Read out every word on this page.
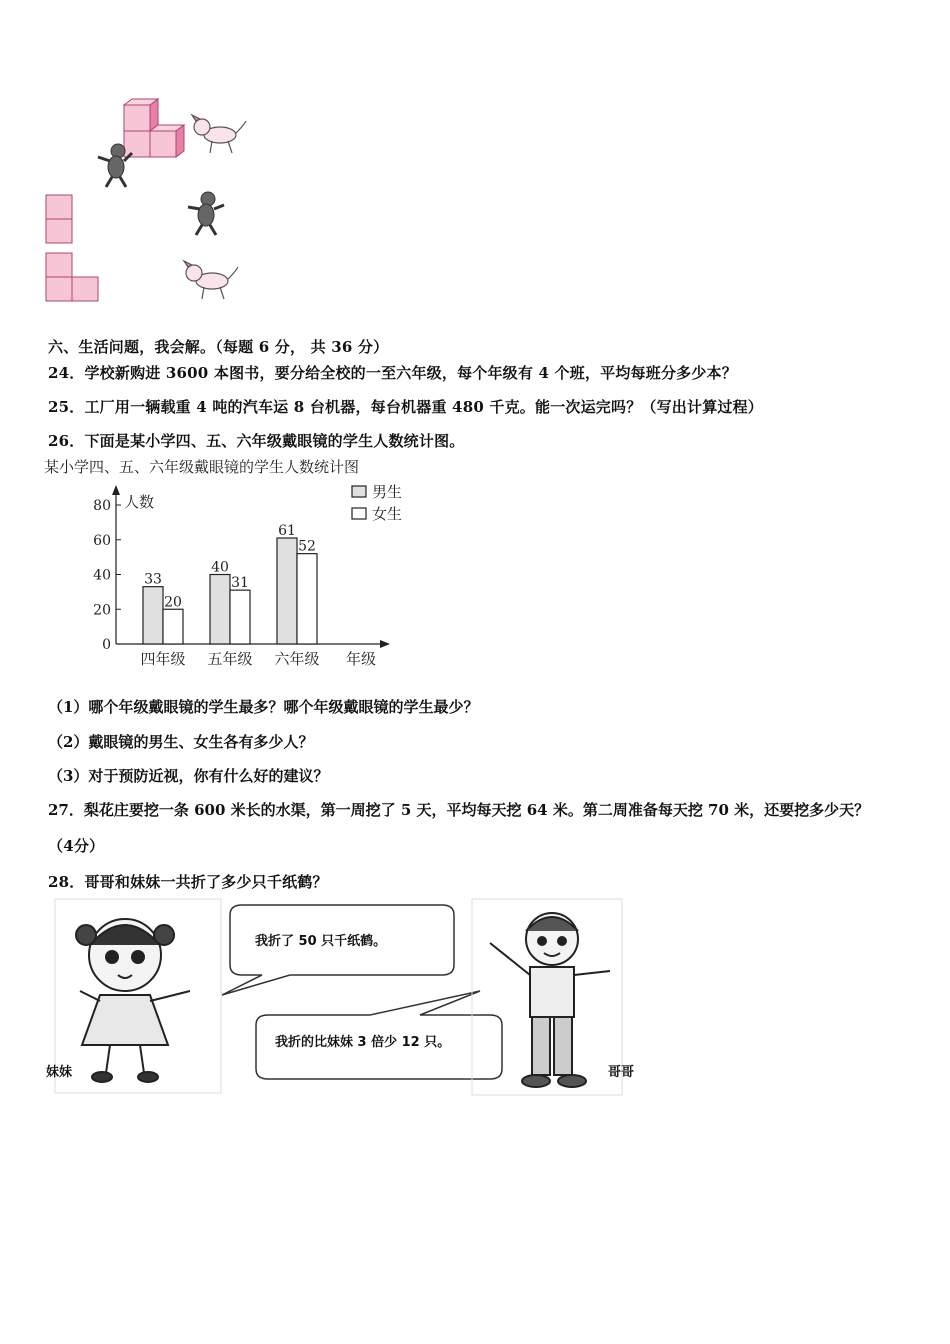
六、生活问题，我会解。（每题 6 分， 共 36 分）
24．学校新购进 3600 本图书，要分给全校的一至六年级，每个年级有 4 个班，平均每班分多少本？
25．工厂用一辆载重 4 吨的汽车运 8 台机器，每台机器重 480 千克。能一次运完吗？（写出计算过程）
26．下面是某小学四、五、六年级戴眼镜的学生人数统计图。
某小学四、五、六年级戴眼镜的学生人数统计图
人数
年级
0
20
40
60
80
33
20
40
31
61
52
四年级 五年级 六年级
男生
女生
（1）哪个年级戴眼镜的学生最多？哪个年级戴眼镜的学生最少？
（2）戴眼镜的男生、女生各有多少人？
（3）对于预防近视，你有什么好的建议？
27．梨花庄要挖一条 600 米长的水渠，第一周挖了 5 天，平均每天挖 64 米。第二周准备每天挖 70 米，还要挖多少天？
（4分）
28．哥哥和妹妹一共折了多少只千纸鹤？
我折了 50 只千纸鹤。
我折的比妹妹 3 倍少 12 只。
妹妹	哥哥
